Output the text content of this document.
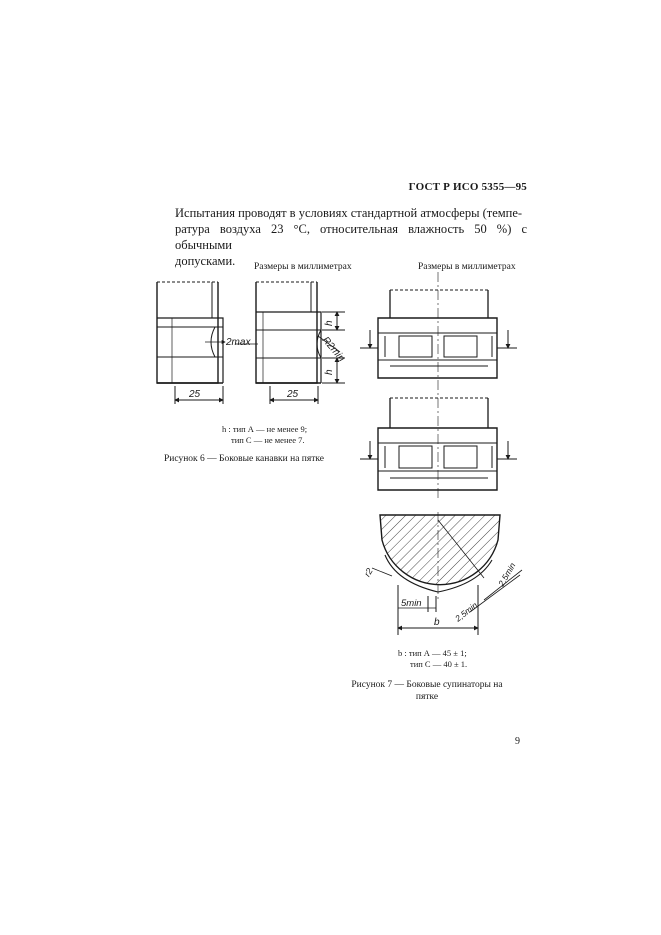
ГОСТ Р ИСО 5355—95
Испытания проводят в условиях стандартной атмосферы (темпе-
ратура воздуха 23 °С, относительная влажность 50 %) с обычными
допусками.	Размеры в миллиметрах	Размеры в миллиметрах
2max
25
h
h
R2min
25
r2
5min
b 2,5min
2,5min
h : тип А — не менее 9;
тип С — не менее 7.
Рисунок 6 — Боковые канавки на пятке
b : тип А — 45 ± 1;
тип С — 40 ± 1.
Рисунок 7 — Боковые супинаторы на
пятке
9
